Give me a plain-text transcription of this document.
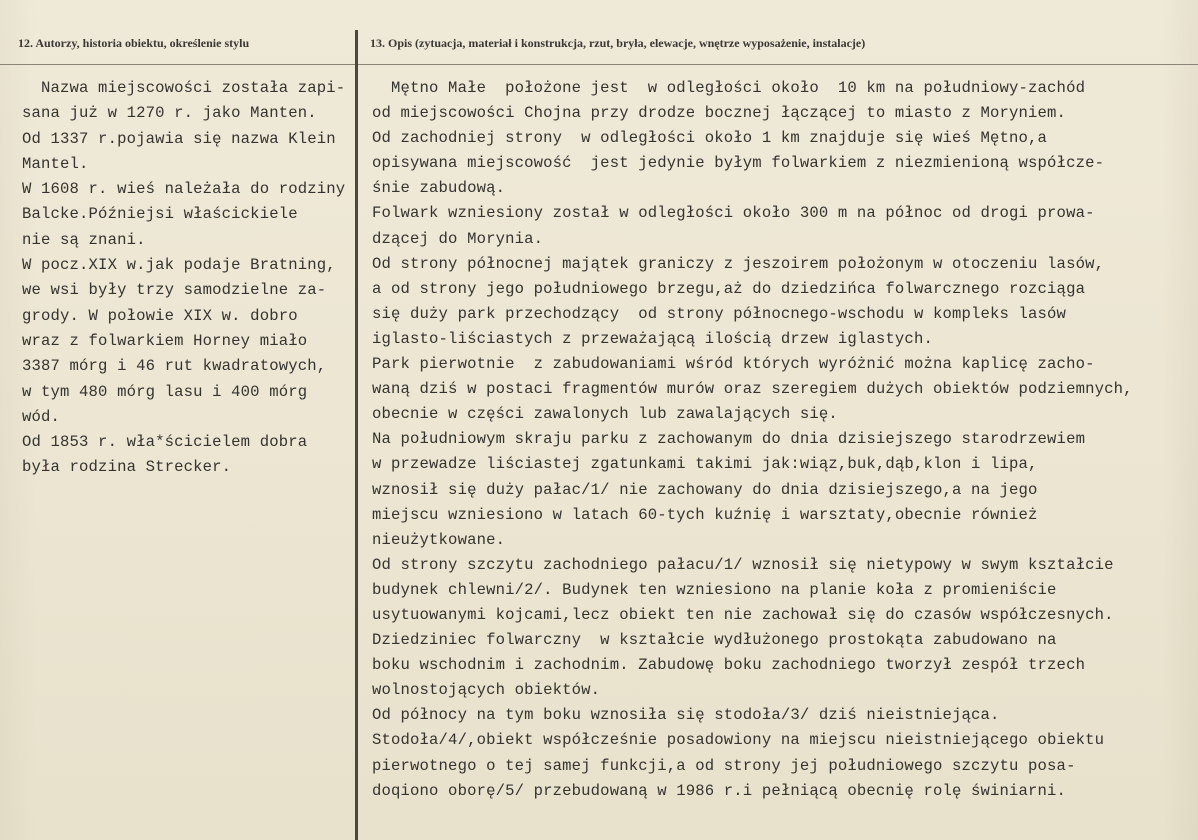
12. Autorzy, historia obiektu, określenie stylu	13. Opis (zytuacja, materiał i konstrukcja, rzut, bryła, elewacje, wnętrze wyposażenie, instalacje)
Nazwa miejscowości została zapi-
sana już w 1270 r. jako Manten.
Od 1337 r.pojawia się nazwa Klein
Mantel.
W 1608 r. wieś należała do rodziny
Balcke.Późniejsi właścickiele
nie są znani.
W pocz.XIX w.jak podaje Bratning,
we wsi były trzy samodzielne za-
grody. W połowie XIX w. dobro
wraz z folwarkiem Horney miało
3387 mórg i 46 rut kwadratowych,
w tym 480 mórg lasu i 400 mórg
wód.
Od 1853 r. wła*ścicielem dobra
była rodzina Strecker.
Mętno Małe  położone jest  w odległości około  10 km na południowy-zachód
od miejscowości Chojna przy drodze bocznej łączącej to miasto z Moryniem.
Od zachodniej strony  w odległości około 1 km znajduje się wieś Mętno,a
opisywana miejscowość  jest jedynie byłym folwarkiem z niezmienioną współcze-
śnie zabudową.
Folwark wzniesiony został w odległości około 300 m na północ od drogi prowa-
dzącej do Morynia.
Od strony północnej majątek graniczy z jeszoirem położonym w otoczeniu lasów,
a od strony jego południowego brzegu,aż do dziedzińca folwarcznego rozciąga
się duży park przechodzący  od strony północnego-wschodu w kompleks lasów
iglasto-liściastych z przeważającą ilością drzew iglastych.
Park pierwotnie  z zabudowaniami wśród których wyróżnić można kaplicę zacho-
waną dziś w postaci fragmentów murów oraz szeregiem dużych obiektów podziemnych,
obecnie w części zawalonych lub zawalających się.
Na południowym skraju parku z zachowanym do dnia dzisiejszego starodrzewiem
w przewadze liściastej zgatunkami takimi jak:wiąz,buk,dąb,klon i lipa,
wznosił się duży pałac/1/ nie zachowany do dnia dzisiejszego,a na jego
miejscu wzniesiono w latach 60-tych kuźnię i warsztaty,obecnie również
nieużytkowane.
Od strony szczytu zachodniego pałacu/1/ wznosił się nietypowy w swym kształcie
budynek chlewni/2/. Budynek ten wzniesiono na planie koła z promieniście
usytuowanymi kojcami,lecz obiekt ten nie zachował się do czasów współczesnych.
Dziedziniec folwarczny  w kształcie wydłużonego prostokąta zabudowano na
boku wschodnim i zachodnim. Zabudowę boku zachodniego tworzył zespół trzech
wolnostojących obiektów.
Od północy na tym boku wznosiła się stodoła/3/ dziś nieistniejąca.
Stodoła/4/,obiekt współcześnie posadowiony na miejscu nieistniejącego obiektu
pierwotnego o tej samej funkcji,a od strony jej południowego szczytu posa-
doqiono oborę/5/ przebudowaną w 1986 r.i pełniącą obecnię rolę świniarni.
